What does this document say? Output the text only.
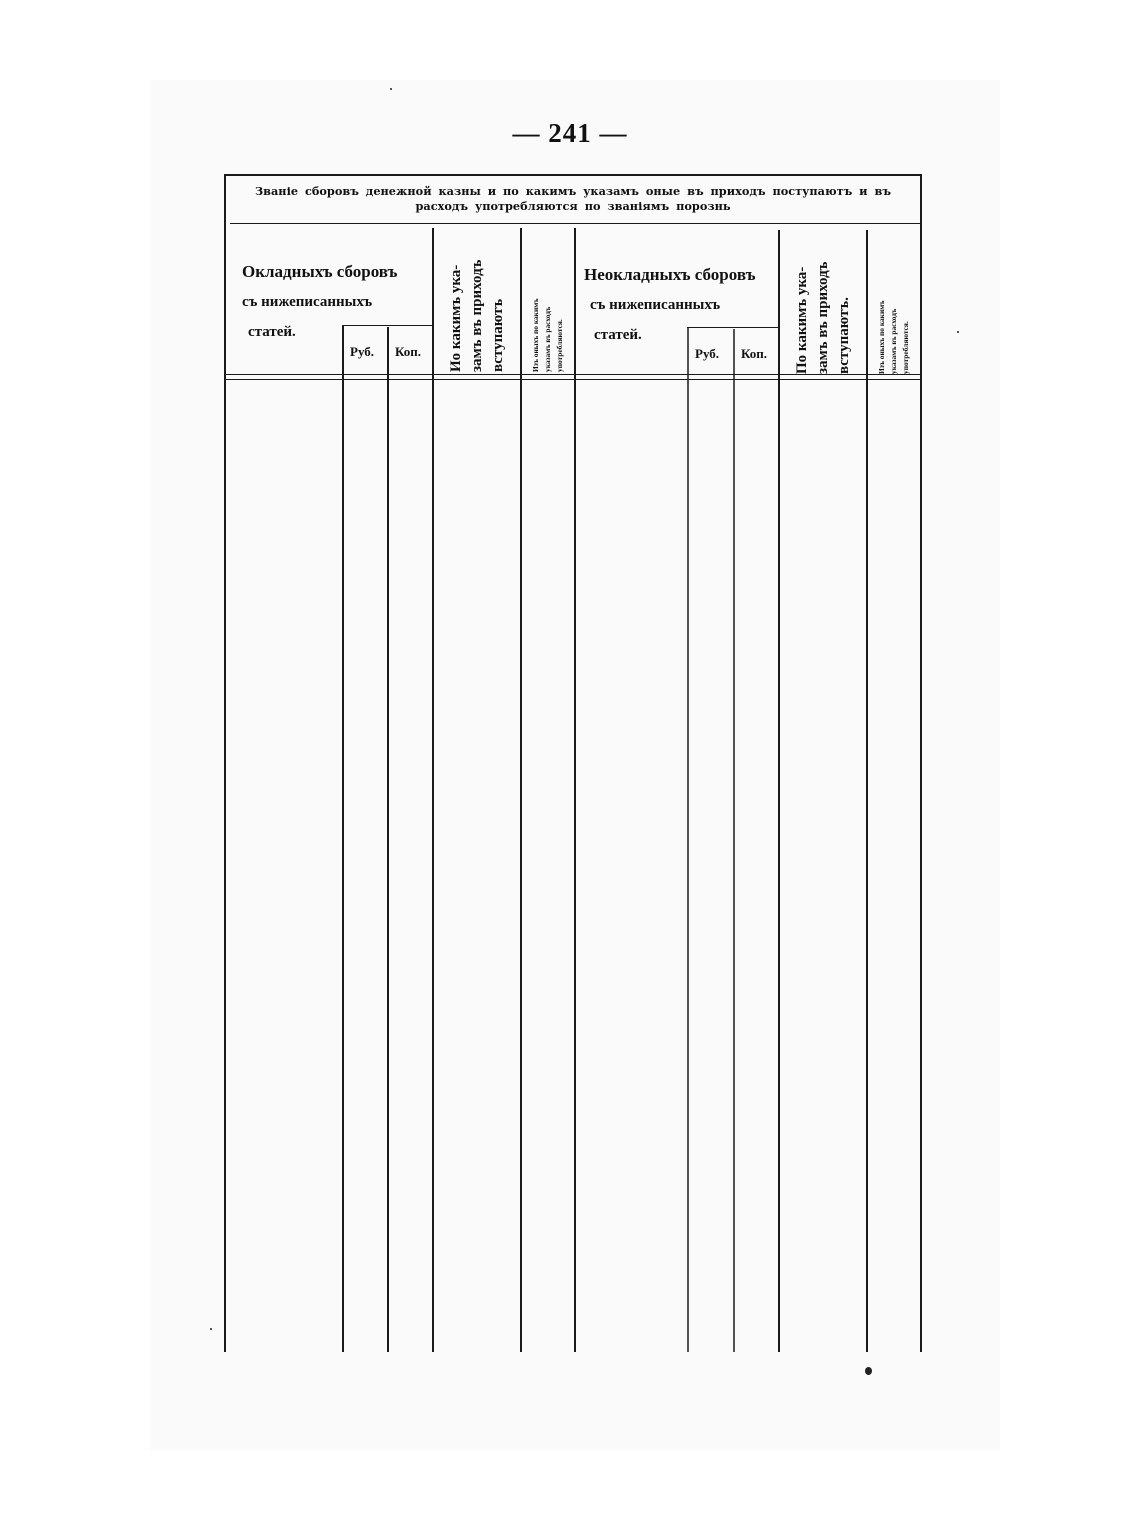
— 241 —
Званіе сборовъ денежной казны и по какимъ указамъ оные въ приходъ поступаютъ и въ
расходъ употребляются по званіямъ порознь
Окладныхъ сборовъ
съ нижеписанныхъ
статей.
Руб. Коп. Ио какимъ ука- замъ въ приходъ вступаютъ	Изъ оныхъ по какимъ указамъ въ расходъ употребляются.
Неокладныхъ сборовъ
съ нижеписанныхъ
статей.
Руб. Коп. По какимъ ука- замъ въ приходъ вступаютъ.	Изъ оныхъ по какимъ указамъ въ расходъ употребляются.
